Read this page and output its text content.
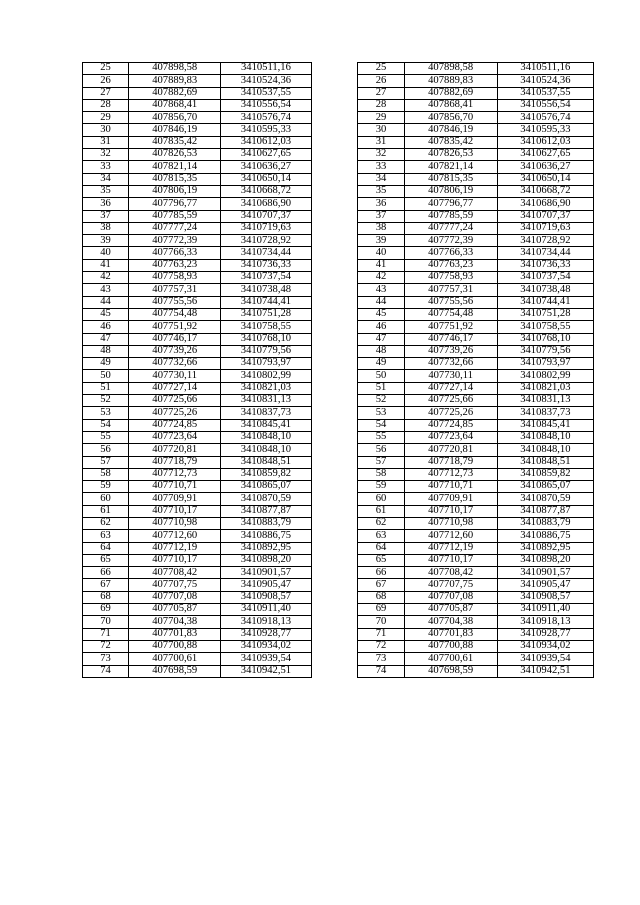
25	407898,58	3410511,16
26	407889,83	3410524,36
27	407882,69	3410537,55
28	407868,41	3410556,54
29	407856,70	3410576,74
30	407846,19	3410595,33
31	407835,42	3410612,03
32	407826,53	3410627,65
33	407821,14	3410636,27
34	407815,35	3410650,14
35	407806,19	3410668,72
36	407796,77	3410686,90
37	407785,59	3410707,37
38	407777,24	3410719,63
39	407772,39	3410728,92
40	407766,33	3410734,44
41	407763,23	3410736,33
42	407758,93	3410737,54
43	407757,31	3410738,48
44	407755,56	3410744,41
45	407754,48	3410751,28
46	407751,92	3410758,55
47	407746,17	3410768,10
48	407739,26	3410779,56
49	407732,66	3410793,97
50	407730,11	3410802,99
51	407727,14	3410821,03
52	407725,66	3410831,13
53	407725,26	3410837,73
54	407724,85	3410845,41
55	407723,64	3410848,10
56	407720,81	3410848,10
57	407718,79	3410848,51
58	407712,73	3410859,82
59	407710,71	3410865,07
60	407709,91	3410870,59
61	407710,17	3410877,87
62	407710,98	3410883,79
63	407712,60	3410886,75
64	407712,19	3410892,95
65	407710,17	3410898,20
66	407708,42	3410901,57
67	407707,75	3410905,47
68	407707,08	3410908,57
69	407705,87	3410911,40
70	407704,38	3410918,13
71	407701,83	3410928,77
72	407700,88	3410934,02
73	407700,61	3410939,54
74	407698,59	3410942,51
25	407898,58	3410511,16
26	407889,83	3410524,36
27	407882,69	3410537,55
28	407868,41	3410556,54
29	407856,70	3410576,74
30	407846,19	3410595,33
31	407835,42	3410612,03
32	407826,53	3410627,65
33	407821,14	3410636,27
34	407815,35	3410650,14
35	407806,19	3410668,72
36	407796,77	3410686,90
37	407785,59	3410707,37
38	407777,24	3410719,63
39	407772,39	3410728,92
40	407766,33	3410734,44
41	407763,23	3410736,33
42	407758,93	3410737,54
43	407757,31	3410738,48
44	407755,56	3410744,41
45	407754,48	3410751,28
46	407751,92	3410758,55
47	407746,17	3410768,10
48	407739,26	3410779,56
49	407732,66	3410793,97
50	407730,11	3410802,99
51	407727,14	3410821,03
52	407725,66	3410831,13
53	407725,26	3410837,73
54	407724,85	3410845,41
55	407723,64	3410848,10
56	407720,81	3410848,10
57	407718,79	3410848,51
58	407712,73	3410859,82
59	407710,71	3410865,07
60	407709,91	3410870,59
61	407710,17	3410877,87
62	407710,98	3410883,79
63	407712,60	3410886,75
64	407712,19	3410892,95
65	407710,17	3410898,20
66	407708,42	3410901,57
67	407707,75	3410905,47
68	407707,08	3410908,57
69	407705,87	3410911,40
70	407704,38	3410918,13
71	407701,83	3410928,77
72	407700,88	3410934,02
73	407700,61	3410939,54
74	407698,59	3410942,51
